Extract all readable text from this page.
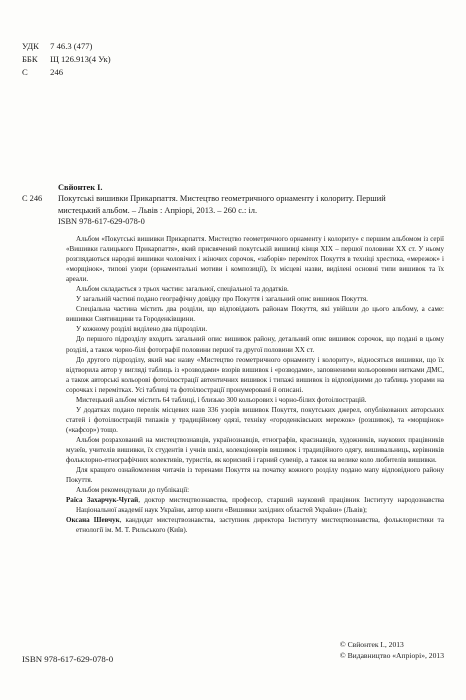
УДК 7 46.3 (477)
ББК Щ 126.913(4 Ук)
С	246
Свйонтек І.
С 246 Покутські вишивки Прикарпаття. Мистецтво геометричного орнаменту і колориту. Перший
мистецький альбом. – Львів : Апріорі, 2013. – 260 с.: іл.
ISBN 978-617-629-078-0

Альбом «Покутські вишивки Прикарпаття. Мистецтво геометричного орнаменту і колориту» є першим альбомом із серії «Вишивки галицького Прикарпаття», який присвячений покутській вишивці кінця XIX – першої половини XX ст. У ньому розглядаються народні вишивки чоловічих і жіночих сорочок, «заборія» перемітох Покуття в техніці хрестика, «мережок» і «морщінок», типові узори (орнаментальні мотиви і композиції), їх місцеві назви, виділені основні типи вишивок та їх ареали.

Альбом складається з трьох частин: загальної, спеціальної та додатків.

У загальній частині подано географічну довідку про Покуття і загальний опис вишивок Покуття.

Спеціальна частина містить два розділи, що відповідають районам Покуття, які увійшли до цього альбому, а саме: вишивки Снятинщини та Городенківщини.

У кожному розділі виділено два підрозділи.

До першого підрозділу входить загальний опис вишивок району, детальний опис вишивок сорочок, що подані в цьому розділі, а також чорно-білі фотографії половини першої та другої половини XX ст.

До другого підрозділу, який має назву «Мистецтво геометричного орнаменту і колориту», відносяться вишивки, що їх відтворила автор у вигляді таблиць із «розводами» взорів вишивок і «розводами», заповненими кольоровими нитками ДМС, а також авторські кольорові фотоілюстрації автентичних вишивок і типажі вишивок із відповідними до таблиць узорами на сорочках і перемітках. Усі таблиці та фотоілюстрації пронумеровані й описані.

Мистецький альбом містить 64 таблиці, і близько 300 кольорових і чорно-білих фотоілюстрацій.

У додатках подано перелік місцевих назв 336 узорів вишивок Покуття, покутських джерел, опублікованих авторських статей і фотоілюстрацій типажів у традиційному одязі, техніку «городенківських мережок» (розшивок), та «морщінок» («кафсор») тощо.

Альбом розрахований на мистецтвознавців, українознавців, етнографів, краєзнавців, художників, наукових працівників музеїв, учителів вишивки, їх студентів і учнів шкіл, колекціонерів вишивок і традиційного одягу, вишивальниць, керівників фольклорно-етнографічних колективів, туристів, як корисний і гарний сувенір, а також на велике коло любителів вишивки.

Для кращого ознайомлення читачів із теренами Покуття на початку кожного розділу подано мапу відповідного району Покуття.

Альбом рекомендували до публікації:

Раїса Захарчук-Чугай, доктор мистецтвознавства, професор, старший науковий працівник Інституту народознавства Національної академії наук України, автор книги «Вишивки західних областей України» (Львів);

Оксана Шевчук, кандидат мистецтвознавства, заступник директора Інституту мистецтвознавства, фольклористики та етнології ім. М. Т. Рильського (Київ).

ISBN 978-617-629-078-0
© Свйонтек І., 2013
© Видавництво «Апріорі», 2013
